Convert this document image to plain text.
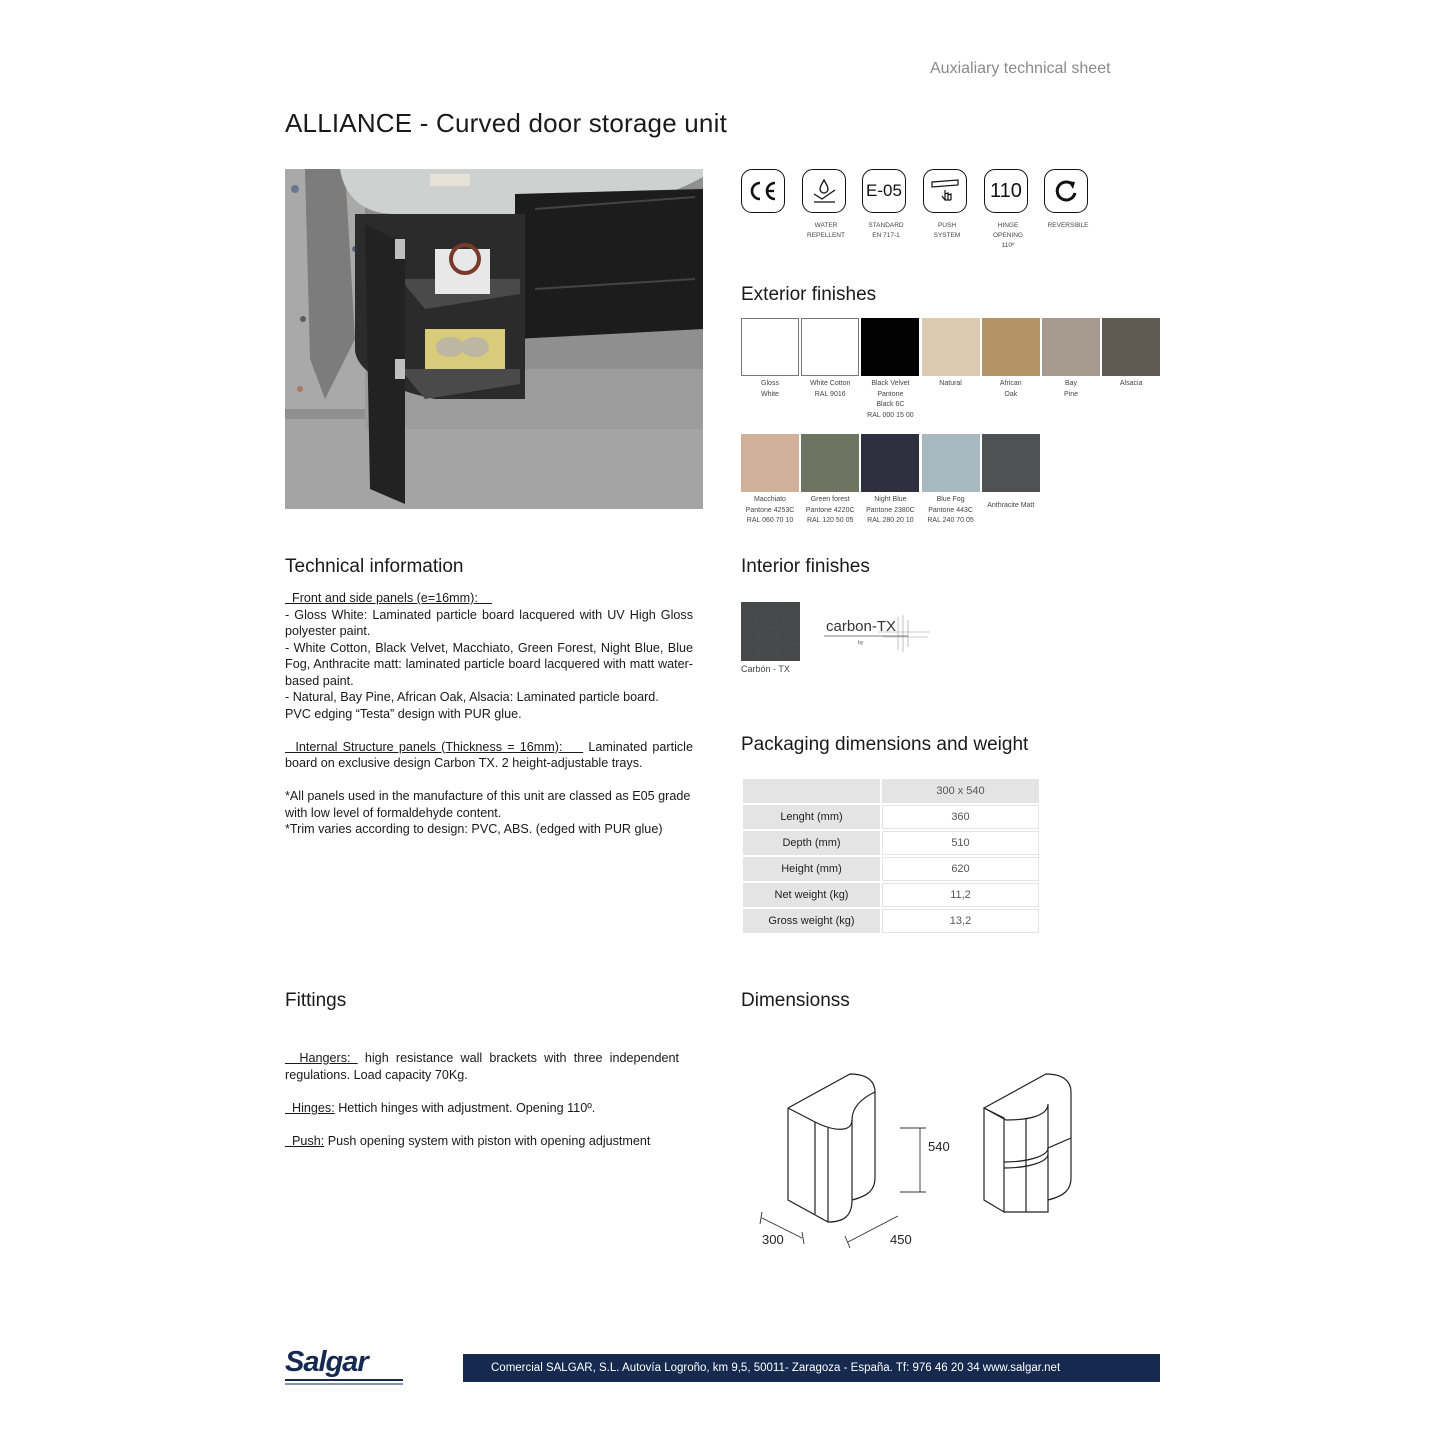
Auxialiary technical sheet
ALLIANCE - Curved door storage unit
WATER
REPELLENT
E-05
STANDARD
EN 717-1
PUSH
SYSTEM
110
HINGE
OPENING
110º
REVERSIBLE
Exterior finishes
Gloss
White
White Cotton
RAL 9016
Black Velvet
Pantone
Black 6C
RAL 000 15 00
Natural	African
Oak
Bay
Pine
Alsacia
Macchiato
Pantone 4253C
RAL 060 70 10
Green forest
Pantone 4220C
RAL 120 50 05
Night Blue
Pantone 2380C
RAL 280 20 10
Blue Fog
Pantone 443C
RAL 240 70 05
Anthracite Matt
Technical information

Front and side panels (e=16mm):

- Gloss White: Laminated particle board lacquered with UV High Gloss polyester paint.

- White Cotton, Black Velvet, Macchiato, Green Forest, Night Blue, Blue Fog, Anthracite matt: laminated particle board lacquered with matt water-based paint.

- Natural, Bay Pine, African Oak, Alsacia: Laminated particle board.

PVC edging “Testa” design with PUR glue.

Internal Structure panels (Thickness = 16mm):     Laminated particle board on exclusive design Carbon TX. 2 height-adjustable trays.

*All panels used in the manufacture of this unit are classed as E05 grade with low level of formaldehyde content.

*Trim varies according to design: PVC, ABS. (edged with PUR glue)

Interior finishes
Carbón - TX
carbon-TX
by
Packaging dimensions and weight
	300 x 540
Lenght (mm)	360
Depth (mm)	510
Height (mm)	620
Net weight (kg)	11,2
Gross weight (kg)	13,2
Fittings

Hangers:  high resistance wall brackets with three independent regulations. Load capacity 70Kg.

Hinges: Hettich hinges with adjustment. Opening 110º.

Push: Push opening system with piston with opening adjustment

Dimensionss
540
300	450
Salgar	Comercial SALGAR, S.L. Autovía Logroño, km 9,5, 50011- Zaragoza - España. Tf: 976 46 20 34 www.salgar.net
